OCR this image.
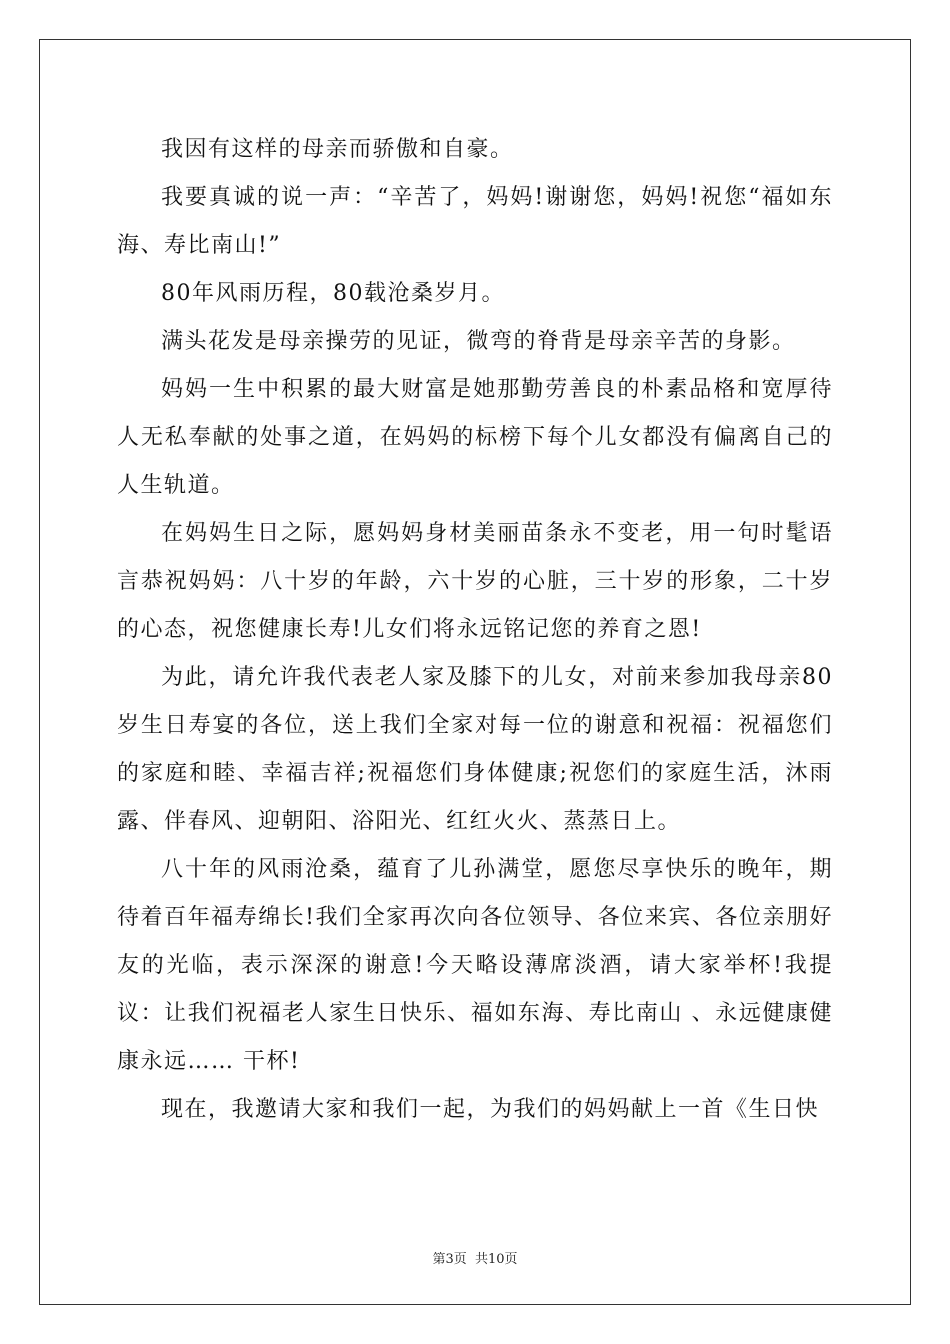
我因有这样的母亲而骄傲和自豪。

我要真诚的说一声：“辛苦了，妈妈!谢谢您，妈妈!祝您“福如东海、寿比南山!”

80年风雨历程，80载沧桑岁月。

满头花发是母亲操劳的见证，微弯的脊背是母亲辛苦的身影。

妈妈一生中积累的最大财富是她那勤劳善良的朴素品格和宽厚待人无私奉献的处事之道，在妈妈的标榜下每个儿女都没有偏离自己的人生轨道。

在妈妈生日之际，愿妈妈身材美丽苗条永不变老，用一句时髦语言恭祝妈妈：八十岁的年龄，六十岁的心脏，三十岁的形象，二十岁的心态，祝您健康长寿!儿女们将永远铭记您的养育之恩!

为此，请允许我代表老人家及膝下的儿女，对前来参加我母亲80岁生日寿宴的各位，送上我们全家对每一位的谢意和祝福：祝福您们的家庭和睦、幸福吉祥;祝福您们身体健康;祝您们的家庭生活，沐雨露、伴春风、迎朝阳、浴阳光、红红火火、蒸蒸日上。

八十年的风雨沧桑，蕴育了儿孙满堂，愿您尽享快乐的晚年，期待着百年福寿绵长!我们全家再次向各位领导、各位来宾、各位亲朋好友的光临，表示深深的谢意!今天略设薄席淡酒，请大家举杯!我提议：让我们祝福老人家生日快乐、福如东海、寿比南山 、永远健康健康永远…… 干杯!

现在，我邀请大家和我们一起，为我们的妈妈献上一首《生日快

第3页 共10页
